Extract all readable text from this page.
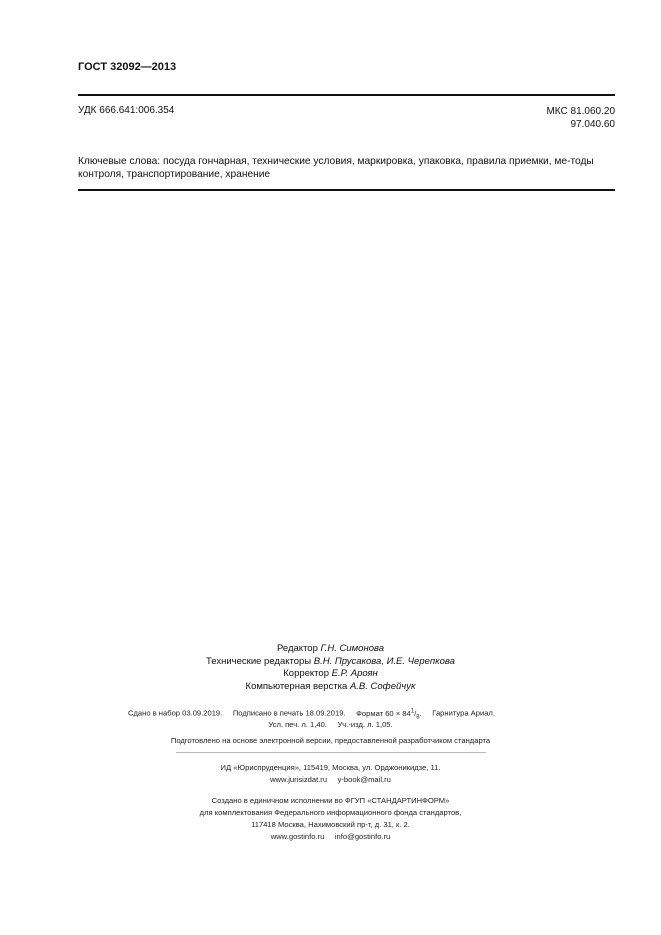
ГОСТ 32092—2013
УДК 666.641:006.354	МКС 81.060.20
97.040.60
Ключевые слова: посуда гончарная, технические условия, маркировка, упаковка, правила приемки, ме-тоды контроля, транспортирование, хранение
Редактор Г.Н. Симонова
Технические редакторы В.Н. Прусакова, И.Е. Черепкова
Корректор Е.Р. Ароян
Компьютерная верстка А.В. Софейчук
Сдано в набор 03.09.2019. Подписано в печать 18.09.2019. Формат $60 \times 84^1/_8$. Гарнитура Ариал.
Усл. печ. л. 1,40. Уч.-изд. л. 1,05.
Подготовлено на основе электронной версии, предоставленной разработчиком стандарта
ИД «Юриспруденция», 115419, Москва, ул. Орджоникидзе, 11.
www.jurisizdat.ru y-book@mail.ru
Создано в единичном исполнении во ФГУП «СТАНДАРТИНФОРМ»
для комплектования Федерального информационного фонда стандартов,
117418 Москва, Нахимовский пр-т, д. 31, к. 2.
www.gostinfo.ru info@gostinfo.ru
